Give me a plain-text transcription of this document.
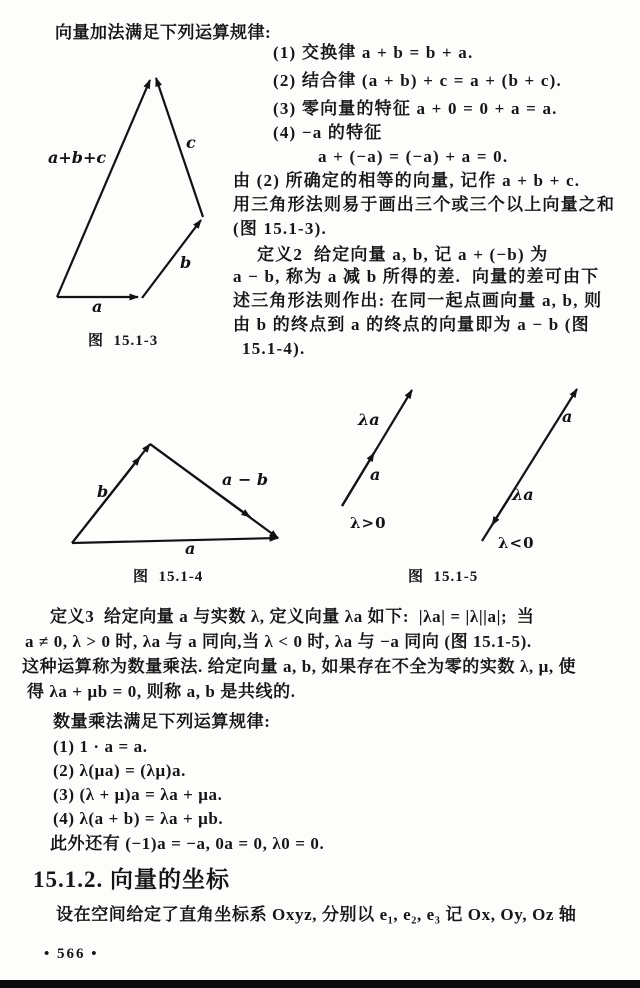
向量加法满足下列运算规律:
(1) 交换律 a + b = b + a.
(2) 结合律 (a + b) + c = a + (b + c).
(3) 零向量的特征 a + 0 = 0 + a = a.
(4) −a 的特征
a + (−a) = (−a) + a = 0.
由 (2) 所确定的相等的向量, 记作 a + b + c.
用三角形法则易于画出三个或三个以上向量之和
(图 15.1-3).
定义2  给定向量 a, b, 记 a + (−b) 为
a − b, 称为 a 减 b 所得的差.  向量的差可由下
述三角形法则作出: 在同一起点画向量 a, b, 则
由 b 的终点到 a 的终点的向量即为 a − b (图
15.1-4).
a+b+c
c
b
a
图  15.1-3
b
a − b
a
λa
a
λ>0
a
λa
λ<0
图  15.1-4	图  15.1-5
定义3  给定向量 a 与实数 λ, 定义向量 λa 如下:  |λa| = |λ||a|;  当
a ≠ 0, λ > 0 时, λa 与 a 同向,当 λ < 0 时, λa 与 −a 同向 (图 15.1-5).
这种运算称为数量乘法. 给定向量 a, b, 如果存在不全为零的实数 λ, μ, 使
得 λa + μb = 0, 则称 a, b 是共线的.
数量乘法满足下列运算规律:
(1) 1 · a = a.
(2) λ(μa) = (λμ)a.
(3) (λ + μ)a = λa + μa.
(4) λ(a + b) = λa + μb.
此外还有 (−1)a = −a, 0a = 0, λ0 = 0.
15.1.2. 向量的坐标
设在空间给定了直角坐标系 Oxyz, 分别以 e₁, e₂, e₃ 记 Ox, Oy, Oz 轴
• 566 •
